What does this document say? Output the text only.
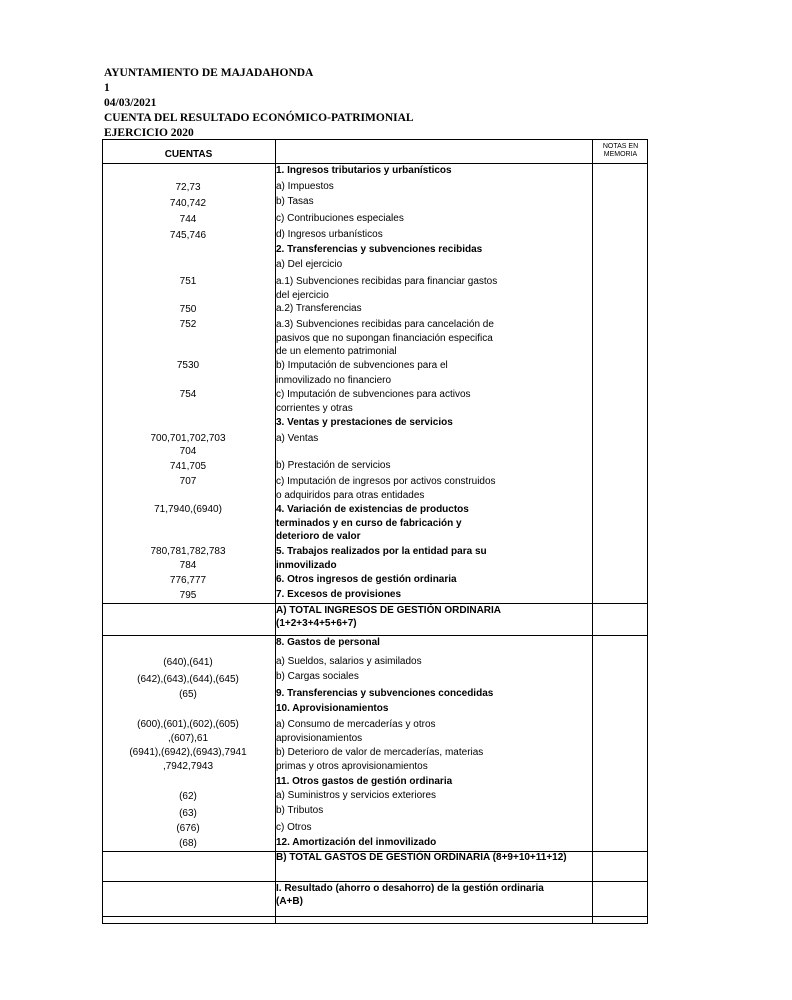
AYUNTAMIENTO DE MAJADAHONDA
1
04/03/2021
CUENTA DEL RESULTADO ECONÓMICO-PATRIMONIAL
EJERCICIO 2020
CUENTAS
NOTAS EN
MEMORIA
1. Ingresos tributarios y urbanísticos
72,73	a) Impuestos
740,742	b) Tasas
744	c) Contribuciones especiales
745,746	d) Ingresos urbanísticos
2. Transferencias y subvenciones recibidas
a) Del ejercicio
751	a.1) Subvenciones recibidas para financiar gastos
del ejercicio
750	a.2) Transferencias
752	a.3) Subvenciones recibidas para cancelación de
pasivos que no supongan financiación especifica
de un elemento patrimonial
7530	b) Imputación de subvenciones para el
inmovilizado no financiero
754	c) Imputación de subvenciones para activos
corrientes y otras
3. Ventas y prestaciones de servicios
700,701,702,703	a) Ventas
704
741,705	b) Prestación de servicios
707	c) Imputación de ingresos por activos construidos
o adquiridos para otras entidades
71,7940,(6940)	4. Variación de existencias de productos
terminados y en curso de fabricación y
deterioro de valor
780,781,782,783	5. Trabajos realizados por la entidad para su
784	inmovilizado
776,777	6. Otros ingresos de gestión ordinaria
795	7. Excesos de provisiones
A) TOTAL INGRESOS DE GESTIÓN ORDINARIA
(1+2+3+4+5+6+7)
8. Gastos de personal
(640),(641)	a) Sueldos, salarios y asimilados
(642),(643),(644),(645)	b) Cargas sociales
(65)	9. Transferencias y subvenciones concedidas
10. Aprovisionamientos
(600),(601),(602),(605)	a) Consumo de mercaderías y otros
,(607),61	aprovisionamientos
(6941),(6942),(6943),7941	b) Deterioro de valor de mercaderías, materias
,7942,7943	primas y otros aprovisionamientos
11. Otros gastos de gestión ordinaria
(62)	a) Suministros y servicios exteriores
(63)	b) Tributos
(676)	c) Otros
(68)	12. Amortización del inmovilizado
B) TOTAL GASTOS DE GESTIÓN ORDINARIA (8+9+10+11+12)
I. Resultado (ahorro o desahorro) de la gestión ordinaria
(A+B)
